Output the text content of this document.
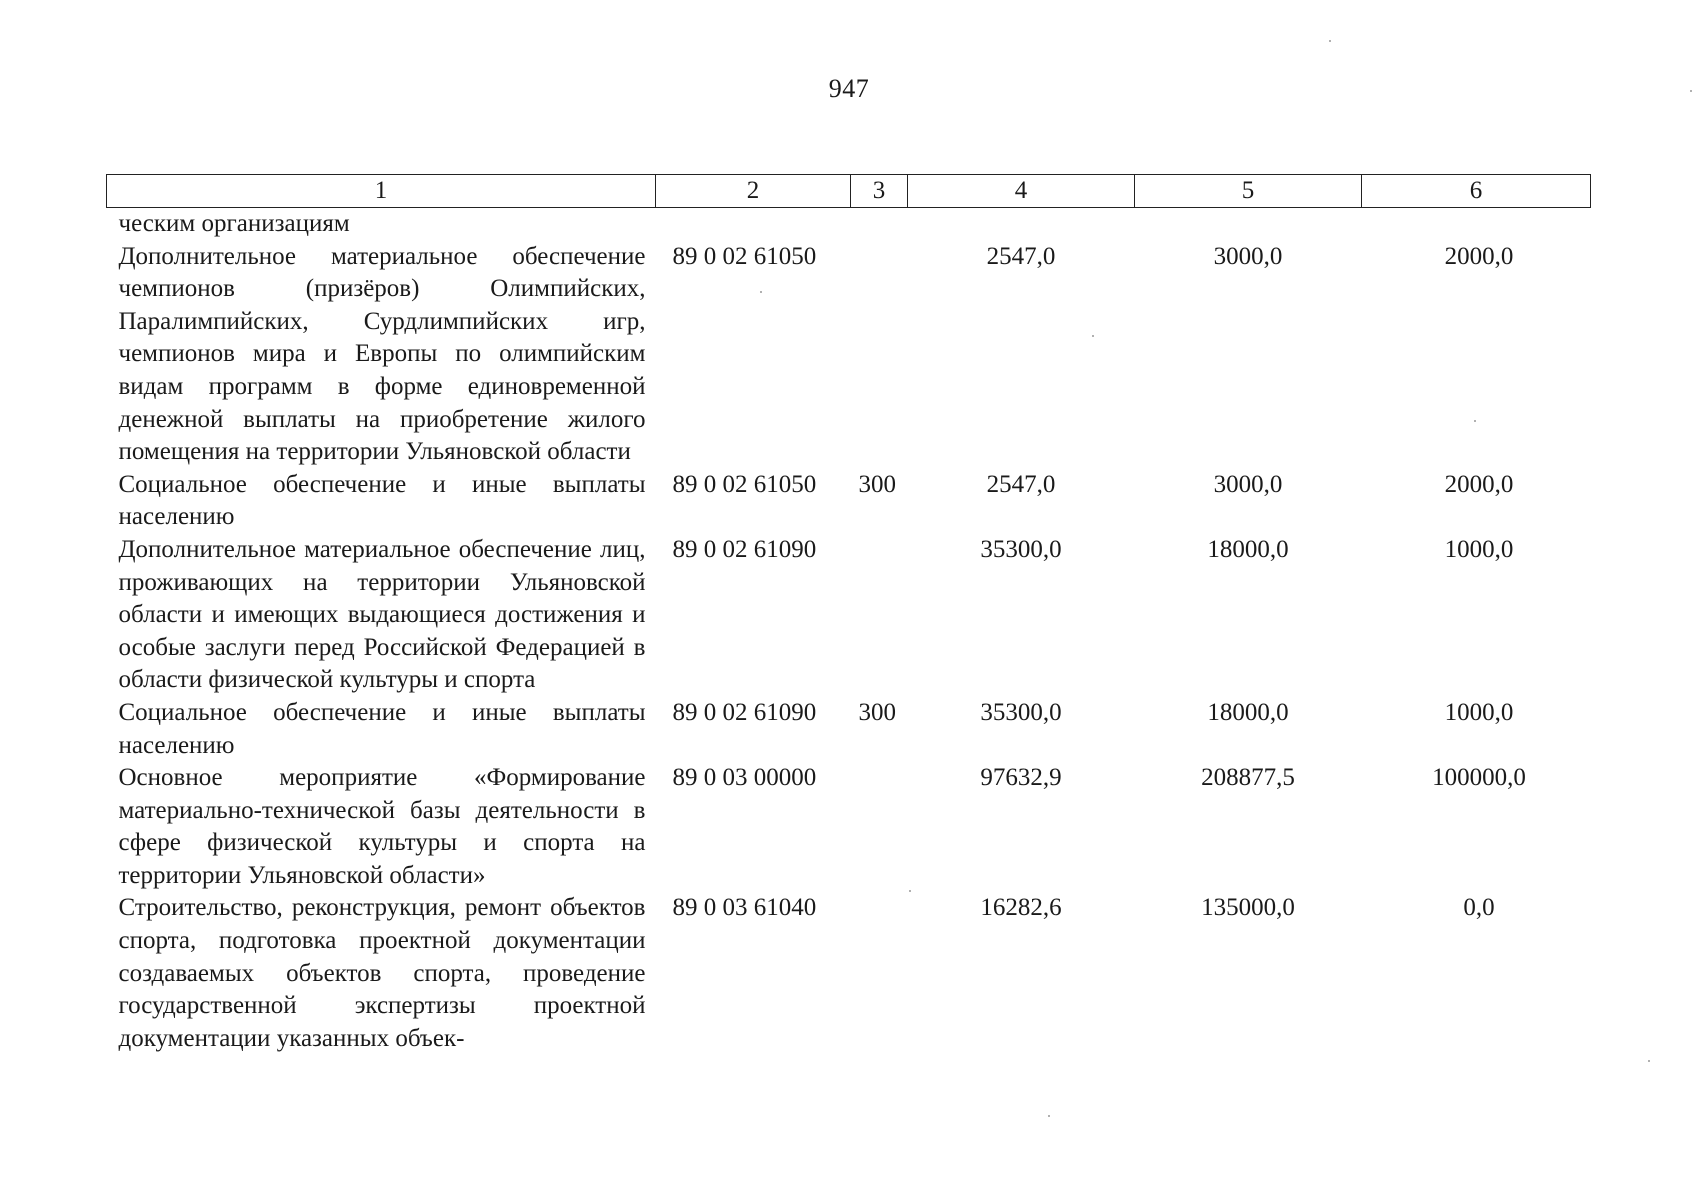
947
1	2	3	4	5	6
ческим организациям					
Дополнительное материальное обеспечение чемпионов (призёров) Олимпийских, Паралимпийских, Сурдлимпийских игр, чемпионов мира и Европы по олимпийским видам программ в форме единовременной денежной выплаты на приобретение жилого помещения на территории Ульяновской области	89 0 02 61050		2547,0	3000,0	2000,0
Социальное обеспечение и иные выплаты населению	89 0 02 61050	300	2547,0	3000,0	2000,0
Дополнительное материальное обеспечение лиц, проживающих на территории Ульяновской области и имеющих выдающиеся достижения и особые заслуги перед Российской Федерацией в области физической культуры и спорта	89 0 02 61090		35300,0	18000,0	1000,0
Социальное обеспечение и иные выплаты населению	89 0 02 61090	300	35300,0	18000,0	1000,0
Основное мероприятие «Формирование материально-технической базы деятельности в сфере физической культуры и спорта на территории Ульяновской области»	89 0 03 00000		97632,9	208877,5	100000,0
Строительство, реконструкция, ремонт объектов спорта, подготовка проектной документации создаваемых объектов спорта, проведение государственной экспертизы проектной документации указанных объек-	89 0 03 61040		16282,6	135000,0	0,0
